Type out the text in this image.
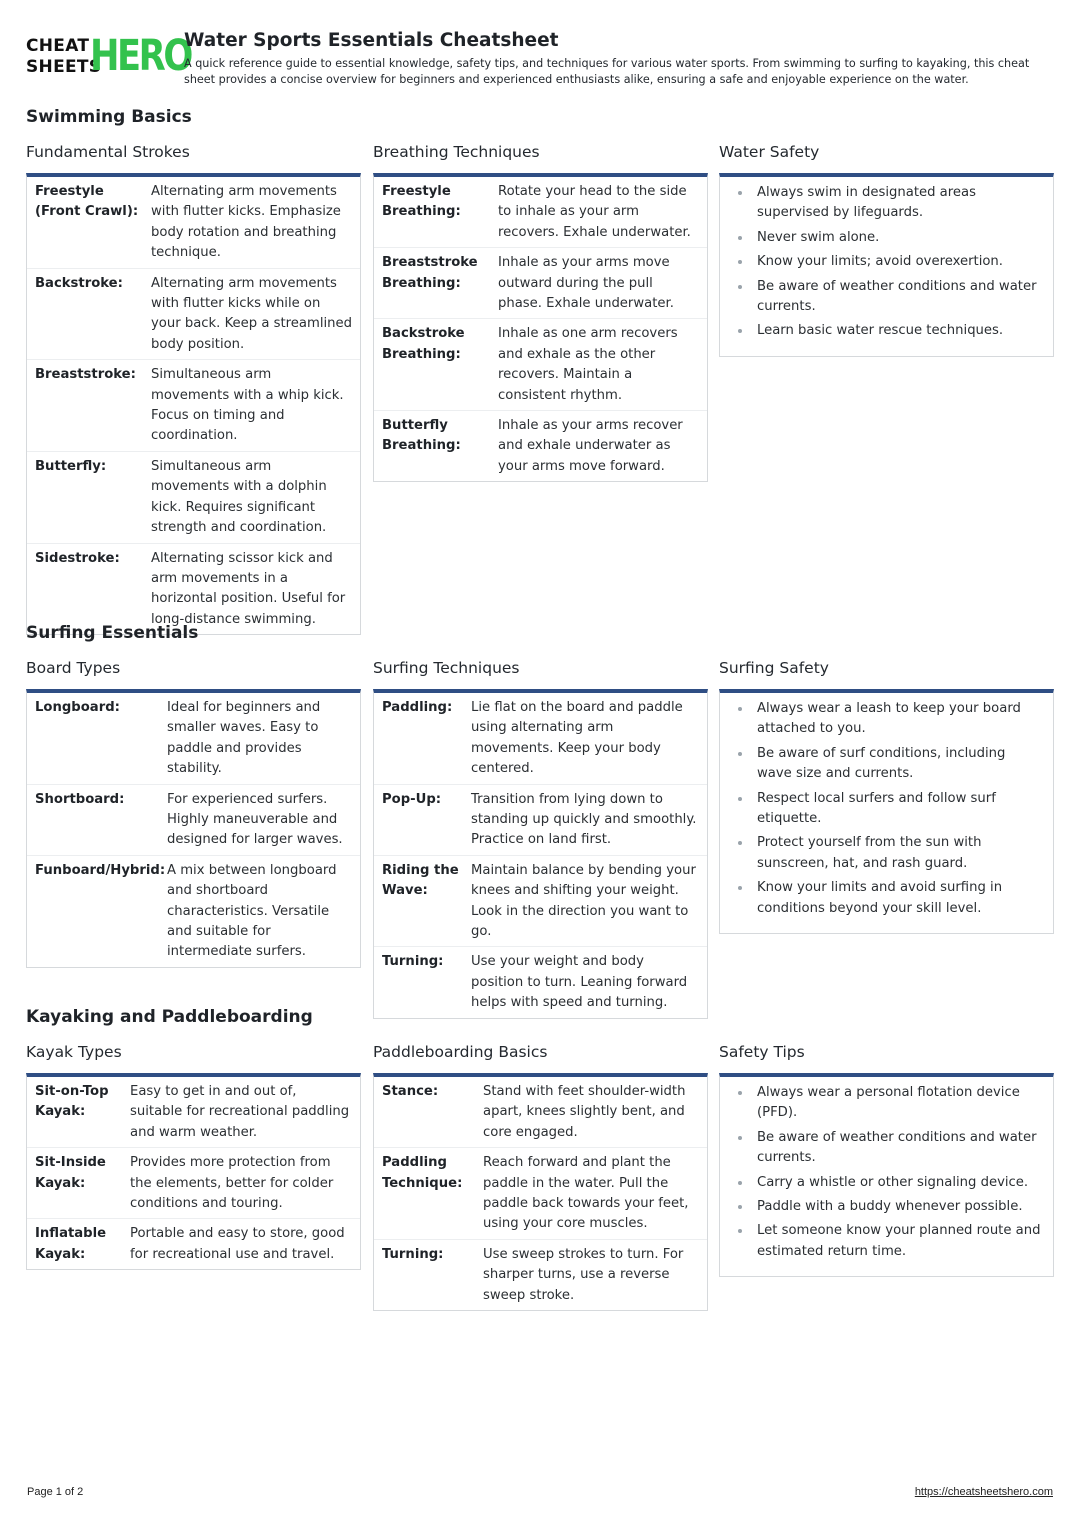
CHEAT
SHEETS
HERO
Water Sports Essentials Cheatsheet
A quick reference guide to essential knowledge, safety tips, and techniques for various water sports. From swimming to surfing to kayaking, this cheat sheet provides a concise overview for beginners and experienced enthusiasts alike, ensuring a safe and enjoyable experience on the water.
Swimming Basics
Fundamental Strokes
Freestyle (Front Crawl):
Alternating arm movements with flutter kicks. Emphasize body rotation and breathing technique.
Backstroke:	Alternating arm movements with flutter kicks while on your back. Keep a streamlined body position.
Breaststroke:	Simultaneous arm movements with a whip kick. Focus on timing and coordination.
Butterfly:	Simultaneous arm movements with a dolphin kick. Requires significant strength and coordination.
Sidestroke:	Alternating scissor kick and arm movements in a horizontal position. Useful for long-distance swimming.
Breathing Techniques
Freestyle Breathing:
Rotate your head to the side to inhale as your arm recovers. Exhale underwater.
Breaststroke Breathing:
Inhale as your arms move outward during the pull phase. Exhale underwater.
Backstroke Breathing:
Inhale as one arm recovers and exhale as the other recovers. Maintain a consistent rhythm.
Butterfly Breathing:
Inhale as your arms recover and exhale underwater as your arms move forward.
Water Safety
Always swim in designated areas supervised by lifeguards.
Never swim alone.
Know your limits; avoid overexertion.
Be aware of weather conditions and water currents.
Learn basic water rescue techniques.
Surfing Essentials
Board Types
Longboard:	Ideal for beginners and smaller waves. Easy to paddle and provides stability.
Shortboard:	For experienced surfers. Highly maneuverable and designed for larger waves.
Funboard/Hybrid: A mix between longboard and shortboard characteristics. Versatile and suitable for intermediate surfers.
Surfing Techniques
Paddling:	Lie flat on the board and paddle using alternating arm movements. Keep your body centered.
Pop-Up:	Transition from lying down to standing up quickly and smoothly. Practice on land first.
Riding the Wave:
Maintain balance by bending your knees and shifting your weight. Look in the direction you want to go.
Turning:	Use your weight and body position to turn. Leaning forward helps with speed and turning.
Surfing Safety
Always wear a leash to keep your board attached to you.
Be aware of surf conditions, including wave size and currents.
Respect local surfers and follow surf etiquette.
Protect yourself from the sun with sunscreen, hat, and rash guard.
Know your limits and avoid surfing in conditions beyond your skill level.
Kayaking and Paddleboarding
Kayak Types
Sit-on-Top Kayak:
Easy to get in and out of, suitable for recreational paddling and warm weather.
Sit-Inside Kayak:
Provides more protection from the elements, better for colder conditions and touring.
Inflatable Kayak:
Portable and easy to store, good for recreational use and travel.
Paddleboarding Basics
Stance:	Stand with feet shoulder-width apart, knees slightly bent, and core engaged.
Paddling Technique:
Reach forward and plant the paddle in the water. Pull the paddle back towards your feet, using your core muscles.
Turning:	Use sweep strokes to turn. For sharper turns, use a reverse sweep stroke.
Safety Tips
Always wear a personal flotation device (PFD).
Be aware of weather conditions and water currents.
Carry a whistle or other signaling device.
Paddle with a buddy whenever possible.
Let someone know your planned route and estimated return time.
Page 1 of 2	https://cheatsheetshero.com
